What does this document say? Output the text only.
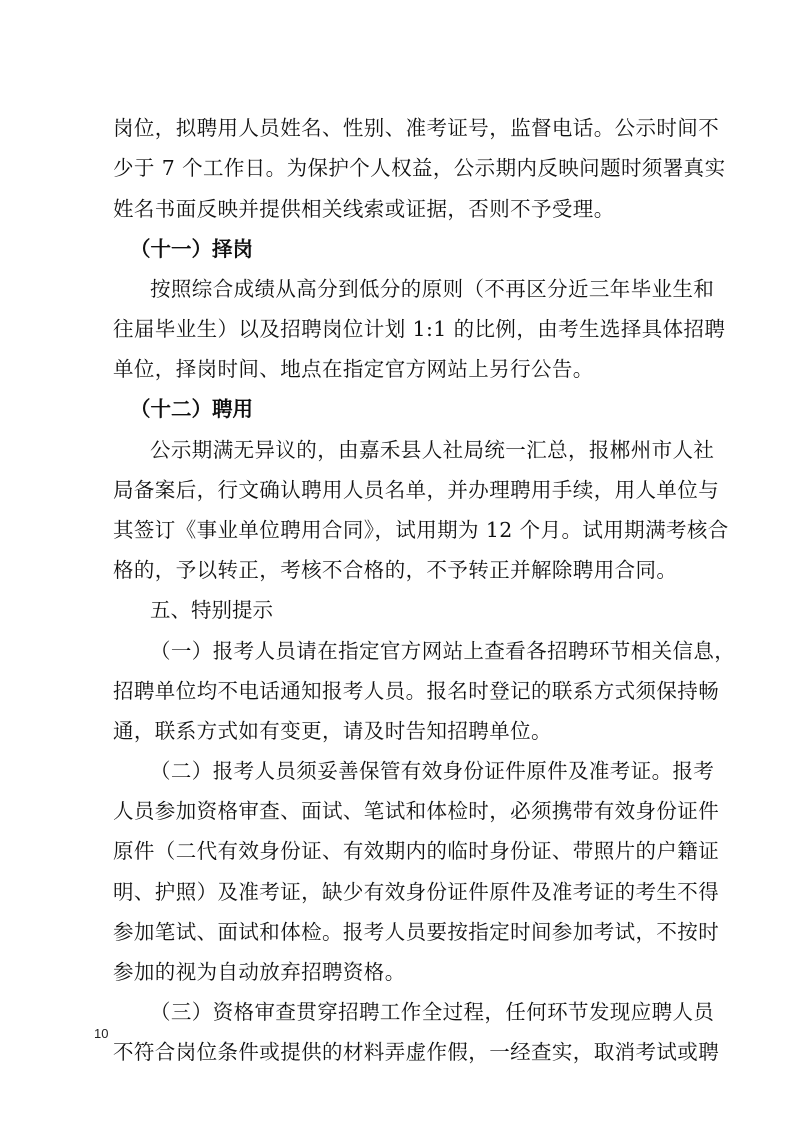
岗位，拟聘用人员姓名、性别、准考证号，监督电话。公示时间不
少于 7 个工作日。为保护个人权益，公示期内反映问题时须署真实
姓名书面反映并提供相关线索或证据，否则不予受理。
（十一）择岗
按照综合成绩从高分到低分的原则（不再区分近三年毕业生和
往届毕业生）以及招聘岗位计划 1:1 的比例，由考生选择具体招聘
单位，择岗时间、地点在指定官方网站上另行公告。
（十二）聘用
公示期满无异议的，由嘉禾县人社局统一汇总，报郴州市人社
局备案后，行文确认聘用人员名单，并办理聘用手续，用人单位与
其签订《事业单位聘用合同》，试用期为 12 个月。试用期满考核合
格的，予以转正，考核不合格的，不予转正并解除聘用合同。
五、特别提示
（一）报考人员请在指定官方网站上查看各招聘环节相关信息，
招聘单位均不电话通知报考人员。报名时登记的联系方式须保持畅
通，联系方式如有变更，请及时告知招聘单位。
（二）报考人员须妥善保管有效身份证件原件及准考证。报考
人员参加资格审查、面试、笔试和体检时，必须携带有效身份证件
原件（二代有效身份证、有效期内的临时身份证、带照片的户籍证
明、护照）及准考证，缺少有效身份证件原件及准考证的考生不得
参加笔试、面试和体检。报考人员要按指定时间参加考试，不按时
参加的视为自动放弃招聘资格。
（三）资格审查贯穿招聘工作全过程，任何环节发现应聘人员
不符合岗位条件或提供的材料弄虚作假，一经查实，取消考试或聘
10
